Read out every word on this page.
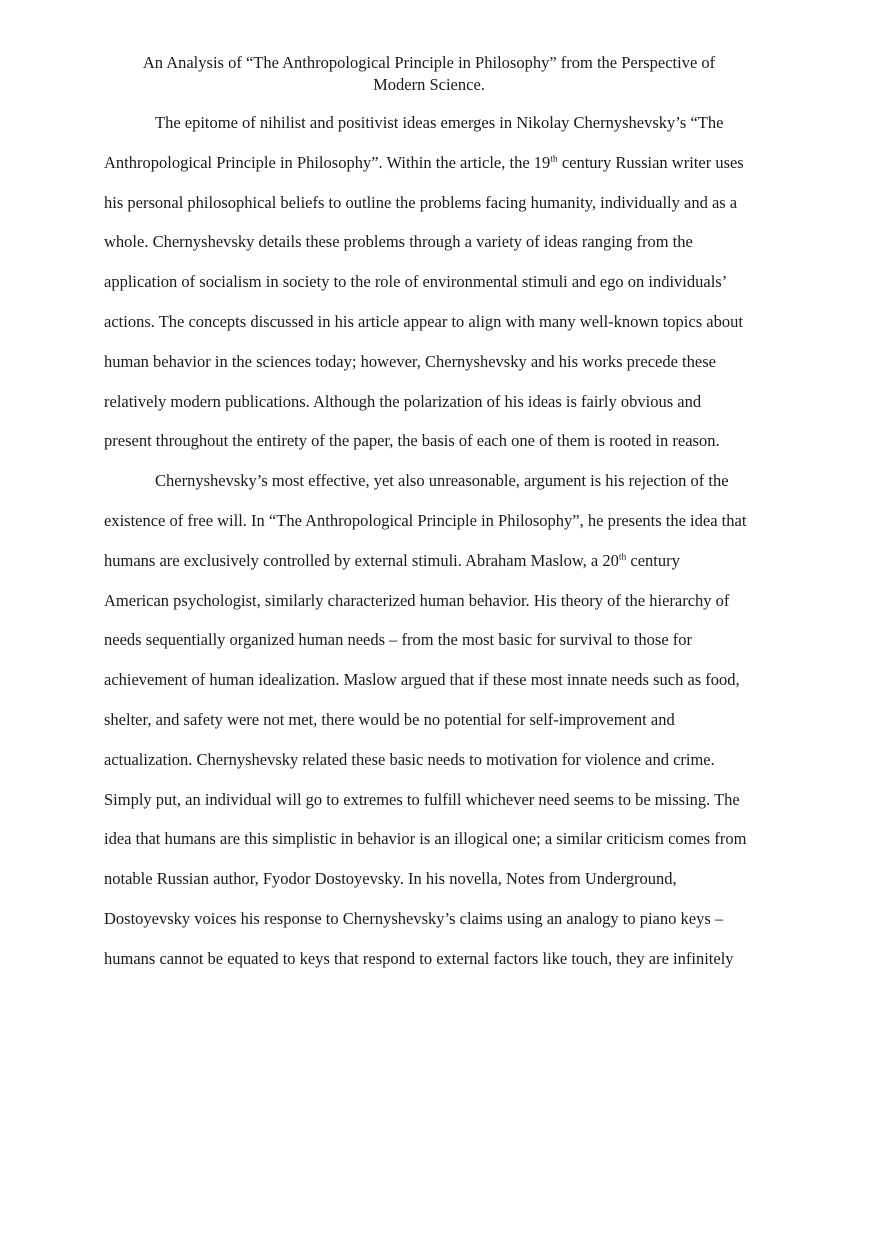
An Analysis of “The Anthropological Principle in Philosophy” from the Perspective of
Modern Science.

The epitome of nihilist and positivist ideas emerges in Nikolay Chernyshevsky’s “The
Anthropological Principle in Philosophy”. Within the article, the 19th century Russian writer uses
his personal philosophical beliefs to outline the problems facing humanity, individually and as a
whole. Chernyshevsky details these problems through a variety of ideas ranging from the
application of socialism in society to the role of environmental stimuli and ego on individuals’
actions. The concepts discussed in his article appear to align with many well-known topics about
human behavior in the sciences today; however, Chernyshevsky and his works precede these
relatively modern publications. Although the polarization of his ideas is fairly obvious and
present throughout the entirety of the paper, the basis of each one of them is rooted in reason.

Chernyshevsky’s most effective, yet also unreasonable, argument is his rejection of the
existence of free will. In “The Anthropological Principle in Philosophy”, he presents the idea that
humans are exclusively controlled by external stimuli. Abraham Maslow, a 20th century
American psychologist, similarly characterized human behavior. His theory of the hierarchy of
needs sequentially organized human needs – from the most basic for survival to those for
achievement of human idealization. Maslow argued that if these most innate needs such as food,
shelter, and safety were not met, there would be no potential for self-improvement and
actualization. Chernyshevsky related these basic needs to motivation for violence and crime.
Simply put, an individual will go to extremes to fulfill whichever need seems to be missing. The
idea that humans are this simplistic in behavior is an illogical one; a similar criticism comes from
notable Russian author, Fyodor Dostoyevsky. In his novella, Notes from Underground,
Dostoyevsky voices his response to Chernyshevsky’s claims using an analogy to piano keys –
humans cannot be equated to keys that respond to external factors like touch, they are infinitely
